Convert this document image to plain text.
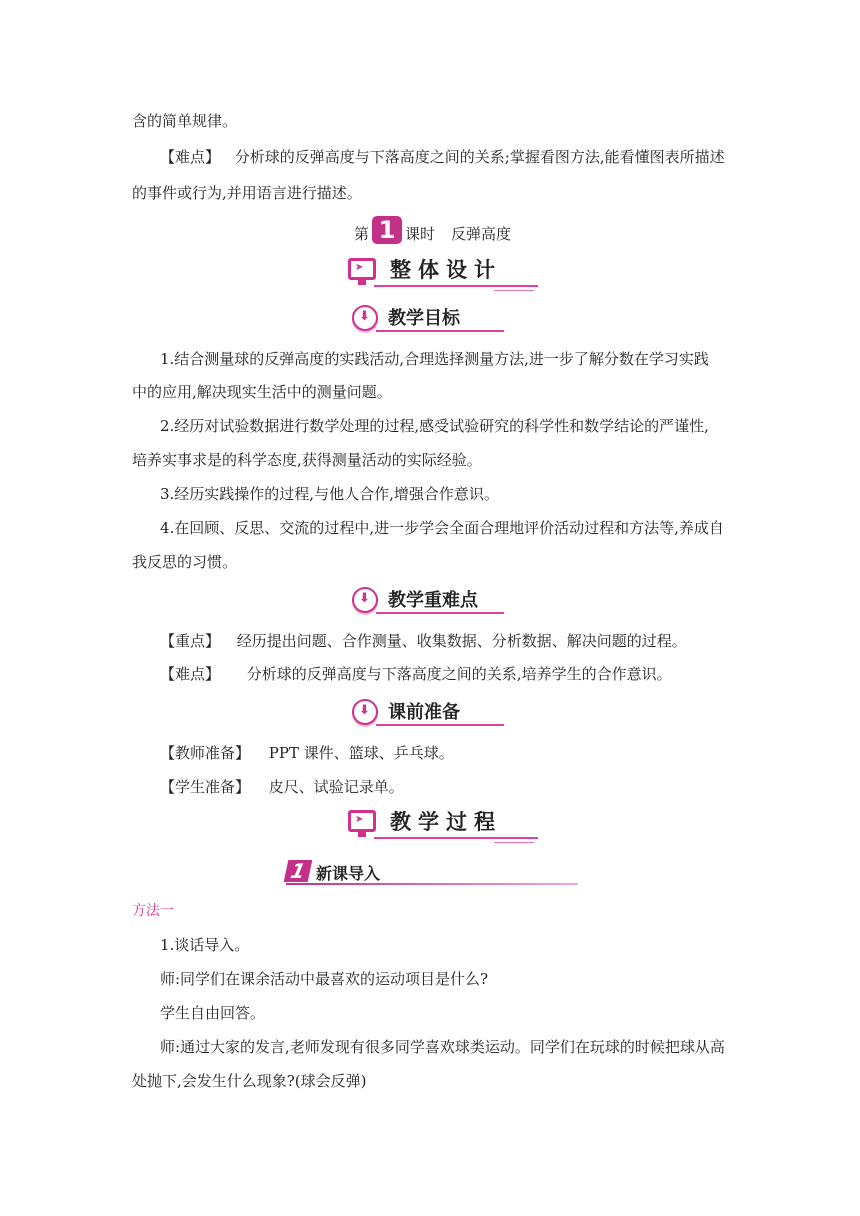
含的简单规律。
【难点】 分析球的反弹高度与下落高度之间的关系;掌握看图方法,能看懂图表所描述
的事件或行为,并用语言进行描述。
第 1 课时 反弹高度
➤ 整体设计
⬇ 教学目标
1.结合测量球的反弹高度的实践活动,合理选择测量方法,进一步了解分数在学习实践
中的应用,解决现实生活中的测量问题。
2.经历对试验数据进行数学处理的过程,感受试验研究的科学性和数学结论的严谨性,
培养实事求是的科学态度,获得测量活动的实际经验。
3.经历实践操作的过程,与他人合作,增强合作意识。
4.在回顾、反思、交流的过程中,进一步学会全面合理地评价活动过程和方法等,养成自
我反思的习惯。
⬇ 教学重难点
【重点】 经历提出问题、合作测量、收集数据、分析数据、解决问题的过程。
【难点】 分析球的反弹高度与下落高度之间的关系,培养学生的合作意识。
⬇ 课前准备
【教师准备】 PPT 课件、篮球、乒乓球。
【学生准备】 皮尺、试验记录单。
➤ 教学过程
1 新课导入
方法一
1.谈话导入。
师:同学们在课余活动中最喜欢的运动项目是什么?
学生自由回答。
师:通过大家的发言,老师发现有很多同学喜欢球类运动。同学们在玩球的时候把球从高
处抛下,会发生什么现象?(球会反弹)
